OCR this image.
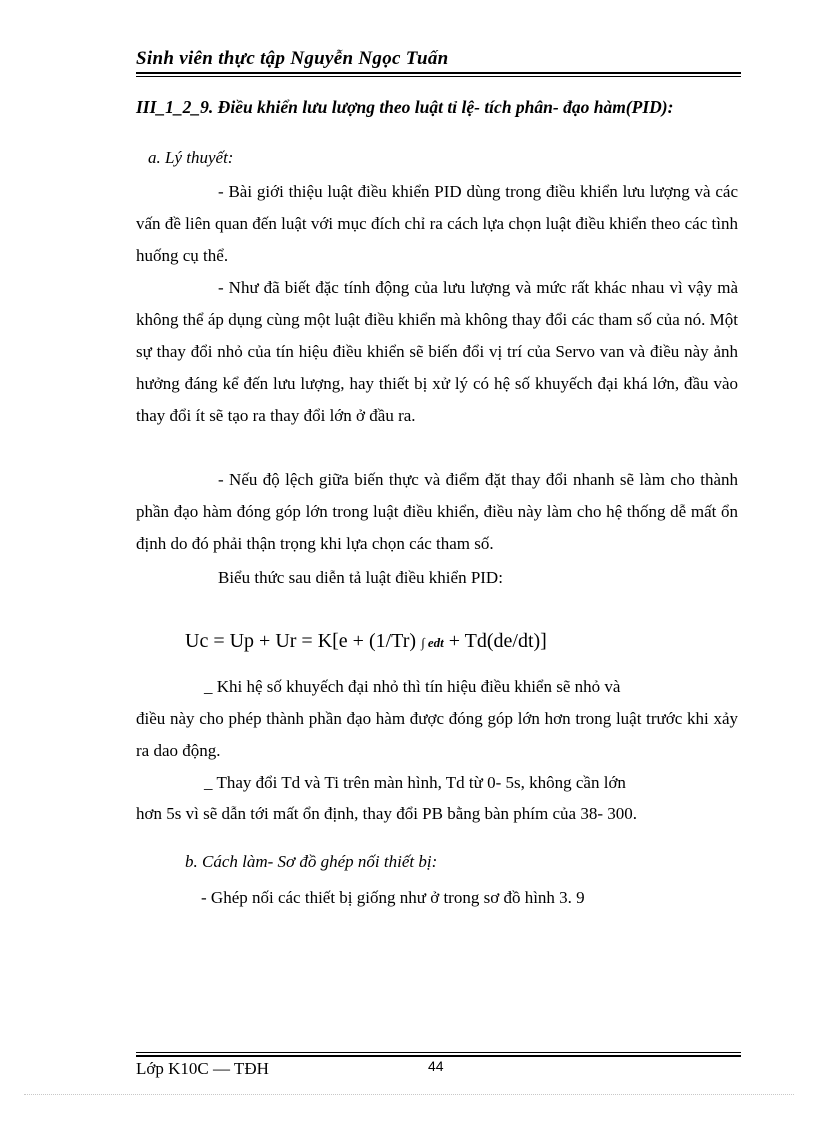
Sinh viên thực tập Nguyễn Ngọc Tuấn
III_1_2_9. Điều khiển lưu lượng theo luật tỉ lệ- tích phân- đạo hàm(PID):
a. Lý thuyết:
- Bài giới thiệu luật điều khiển PID dùng trong điều khiển lưu lượng và các vấn đề liên quan đến luật với mục đích chỉ ra cách lựa chọn luật điều khiển theo các tình huống cụ thể.
- Như đã biết đặc tính động của lưu lượng và mức rất khác nhau vì vậy mà không thể áp dụng cùng một luật điều khiển mà không thay đổi các tham số của nó. Một sự thay đổi nhỏ của tín hiệu điều khiển sẽ biến đổi vị trí của Servo van và điều này ảnh hưởng đáng kể đến lưu lượng, hay thiết bị xử lý có hệ số khuyếch đại khá lớn, đầu vào thay đổi ít sẽ tạo ra thay đổi lớn ở đầu ra.
- Nếu độ lệch giữa biến thực và điểm đặt thay đổi nhanh sẽ làm cho thành phần đạo hàm đóng góp lớn trong luật điều khiển, điều này làm cho hệ thống dễ mất ổn định do đó phải thận trọng khi lựa chọn các tham số.
Biểu thức sau diễn tả luật điều khiển PID:
Uc = Up + Ur = K[e + (1/Tr) ∫ edt + Td(de/dt)]
_ Khi hệ số khuyếch đại nhỏ thì tín hiệu điều khiển sẽ nhỏ và
điều này cho phép thành phần đạo hàm được đóng góp lớn hơn trong luật trước khi xảy ra dao động.
_ Thay đổi Td và Ti trên màn hình, Td từ 0- 5s, không cần lớn
hơn 5s vì sẽ dẫn tới mất ổn định, thay đổi PB bằng bàn phím của 38- 300.
b. Cách làm- Sơ đồ ghép nối thiết bị:
- Ghép nối các thiết bị giống như ở trong sơ đồ hình 3. 9
Lớp K10C — TĐH	44
